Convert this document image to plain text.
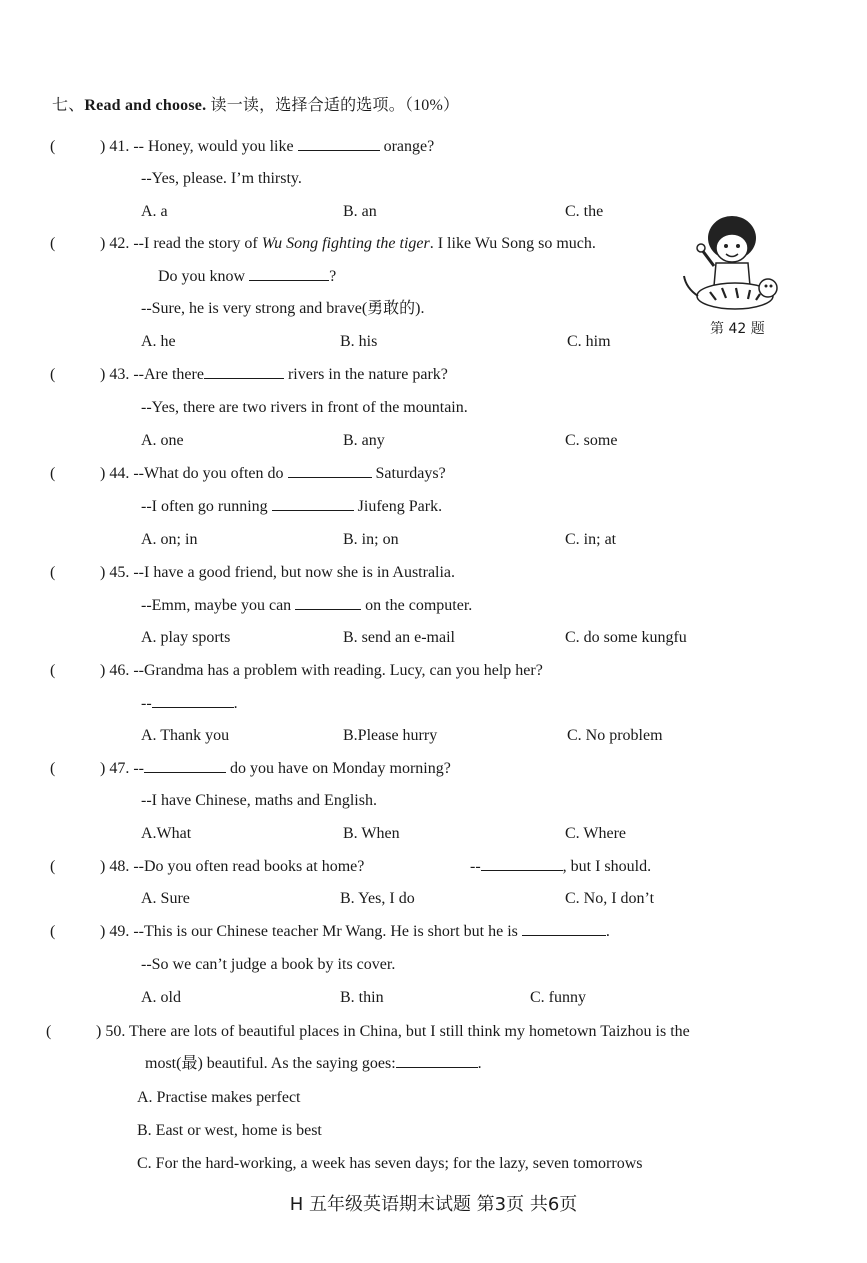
七、Read and choose. 读一读，选择合适的选项。（10%）
(	) 41. -- Honey, would you like	orange?
--Yes, please. I’m thirsty.
A. a	B. an	C. the
(	) 42. --I read the story of Wu Song fighting the tiger. I like Wu Song so much.
Do you know	?
--Sure, he is very strong and brave(勇敢的).
A. he	B. his	C. him
第 42 题
(	) 43. --Are there	rivers in the nature park?
--Yes, there are two rivers in front of the mountain.
A. one	B. any	C. some
(	) 44. --What do you often do	Saturdays?
--I often go running	Jiufeng Park.
A. on; in	B. in; on	C. in; at
(	) 45. --I have a good friend, but now she is in Australia.
--Emm, maybe you can	on the computer.
A. play sports	B. send an e-mail	C. do some kungfu
(	) 46. --Grandma has a problem with reading. Lucy, can you help her?
--	.
A. Thank you	B.Please hurry	C. No problem
(	) 47. --	do you have on Monday morning?
--I have Chinese, maths and English.
A.What	B. When	C. Where
(	) 48. --Do you often read books at home?	--	, but I should.
A. Sure	B. Yes, I do	C. No, I don’t
(	) 49. --This is our Chinese teacher Mr Wang. He is short but he is	.
--So we can’t judge a book by its cover.
A. old	B. thin	C. funny
(	) 50. There are lots of beautiful places in China, but I still think my hometown Taizhou is the
most(最) beautiful. As the saying goes:	.
A. Practise makes perfect
B. East or west, home is best
C. For the hard-working, a week has seven days; for the lazy, seven tomorrows
H 五年级英语期末试题 第3页 共6页
